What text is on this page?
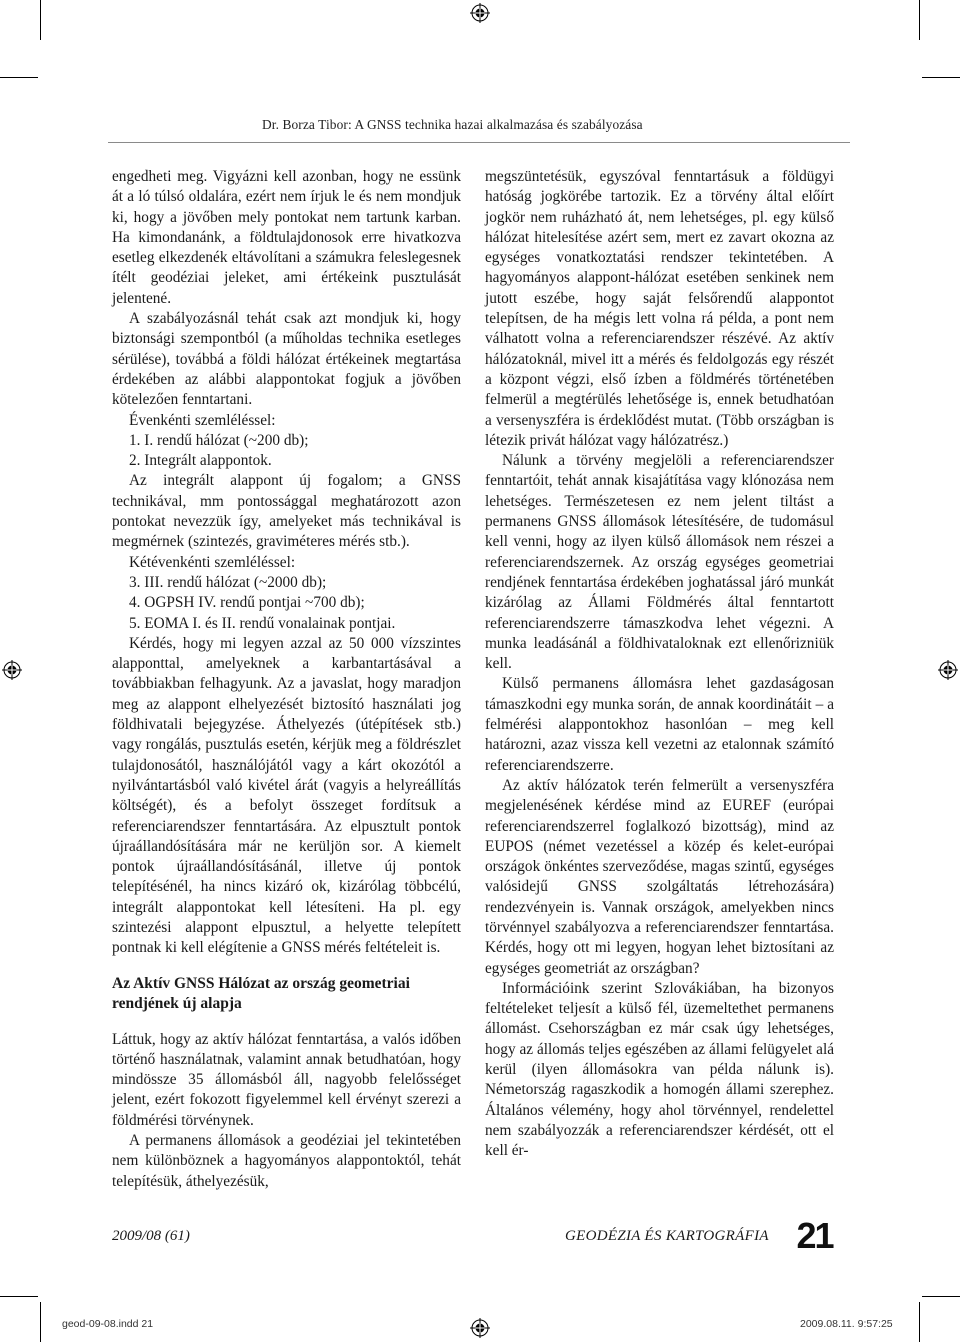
Dr. Borza Tibor: A GNSS technika hazai alkalmazása és szabályozása

engedheti meg. Vigyázni kell azonban, hogy ne essünk át a ló túlsó oldalára, ezért nem írjuk le és nem mondjuk ki, hogy a jövőben mely pontokat nem tartunk karban. Ha kimondanánk, a földtulajdonosok erre hivatkozva esetleg elkezdenék eltávolítani a számukra feleslegesnek ítélt geodéziai jeleket, ami értékeink pusztulását jelentené.

A szabályozásnál tehát csak azt mondjuk ki, hogy biztonsági szempontból (a műholdas technika esetleges sérülése), továbbá a földi hálózat értékeinek megtartása érdekében az alábbi alappontokat fogjuk a jövőben kötelezően fenntartani.

Évenkénti szemléléssel:

1. I. rendű hálózat (~200 db);

2. Integrált alappontok.

Az integrált alappont új fogalom; a GNSS technikával, mm pontossággal meghatározott azon pontokat nevezzük így, amelyeket más technikával is megmérnek (szintezés, graviméteres mérés stb.).

Kétévenkénti szemléléssel:

3. III. rendű hálózat (~2000 db);

4. OGPSH IV. rendű pontjai ~700 db);

5. EOMA I. és II. rendű vonalainak pontjai.

Kérdés, hogy mi legyen azzal az 50 000 vízszintes alapponttal, amelyeknek a karbantartásával a továbbiakban felhagyunk. Az a javaslat, hogy maradjon meg az alappont elhelyezését biztosító használati jog földhivatali bejegyzése. Áthelyezés (útépítések stb.) vagy rongálás, pusztulás esetén, kérjük meg a földrészlet tulajdonosától, használójától vagy a kárt okozótól a nyilvántartásból való kivétel árát (vagyis a helyreállítás költségét), és a befolyt összeget fordítsuk a referenciarendszer fenntartására. Az elpusztult pontok újraállandósítására már ne kerüljön sor. A kiemelt pontok újraállandósításánál, illetve új pontok telepítésénél, ha nincs kizáró ok, kizárólag többcélú, integrált alappontokat kell létesíteni. Ha pl. egy szintezési alappont elpusztul, a helyette telepített pontnak ki kell elégítenie a GNSS mérés feltételeit is.

Az Aktív GNSS Hálózat az ország geometriai rendjének új alapja

Láttuk, hogy az aktív hálózat fenntartása, a valós időben történő használatnak, valamint annak betudhatóan, hogy mindössze 35 állomásból áll, nagyobb felelősséget jelent, ezért fokozott figyelemmel kell érvényt szerezi a földmérési törvénynek.

A permanens állomások a geodéziai jel tekintetében nem különböznek a hagyományos alappontoktól, tehát telepítésük, áthelyezésük,

megszüntetésük, egyszóval fenntartásuk a földügyi hatóság jogkörébe tartozik. Ez a törvény által előírt jogkör nem ruházható át, nem lehetséges, pl. egy külső hálózat hitelesítése azért sem, mert ez zavart okozna az egységes vonatkoztatási rendszer tekintetében. A hagyományos alappont-hálózat esetében senkinek nem jutott eszébe, hogy saját felsőrendű alappontot telepítsen, de ha mégis lett volna rá példa, a pont nem válhatott volna a referenciarendszer részévé. Az aktív hálózatoknál, mivel itt a mérés és feldolgozás egy részét a központ végzi, első ízben a földmérés történetében felmerül a megtérülés lehetősége is, ennek betudhatóan a versenyszféra is érdeklődést mutat. (Több országban is létezik privát hálózat vagy hálózatrész.)

Nálunk a törvény megjelöli a referenciarendszer fenntartóit, tehát annak kisajátítása vagy klónozása nem lehetséges. Természetesen ez nem jelent tiltást a permanens GNSS állomások létesítésére, de tudomásul kell venni, hogy az ilyen külső állomások nem részei a referenciarendszernek. Az ország egységes geometriai rendjének fenntartása érdekében joghatással járó munkát kizárólag az Állami Földmérés által fenntartott referenciarendszerre támaszkodva lehet végezni. A munka leadásánál a földhivataloknak ezt ellenőrizniük kell.

Külső permanens állomásra lehet gazdaságosan támaszkodni egy munka során, de annak koordinátáit – a felmérési alappontokhoz hasonlóan – meg kell határozni, azaz vissza kell vezetni az etalonnak számító referenciarendszerre.

Az aktív hálózatok terén felmerült a versenyszféra megjelenésének kérdése mind az EUREF (európai referenciarendszerrel foglalkozó bizottság), mind az EUPOS (német vezetéssel a közép és kelet-európai országok önkéntes szerveződése, magas szintű, egységes valósidejű GNSS szolgáltatás létrehozására) rendezvényein is. Vannak országok, amelyekben nincs törvénnyel szabályozva a referenciarendszer fenntartása. Kérdés, hogy ott mi legyen, hogyan lehet biztosítani az egységes geometriát az országban?

Információink szerint Szlovákiában, ha bizonyos feltételeket teljesít a külső fél, üzemeltethet permanens állomást. Csehországban ez már csak úgy lehetséges, hogy az állomás teljes egészében az állami felügyelet alá kerül (ilyen állomásokra van példa nálunk is). Németország ragaszkodik a homogén állami szerephez. Általános vélemény, hogy ahol törvénnyel, rendelettel nem szabályozzák a referenciarendszer kérdését, ott el kell ér-

2009/08 (61)	GEODÉZIA ÉS KARTOGRÁFIA 21
geod-09-08.indd 21	2009.08.11. 9:57:25
